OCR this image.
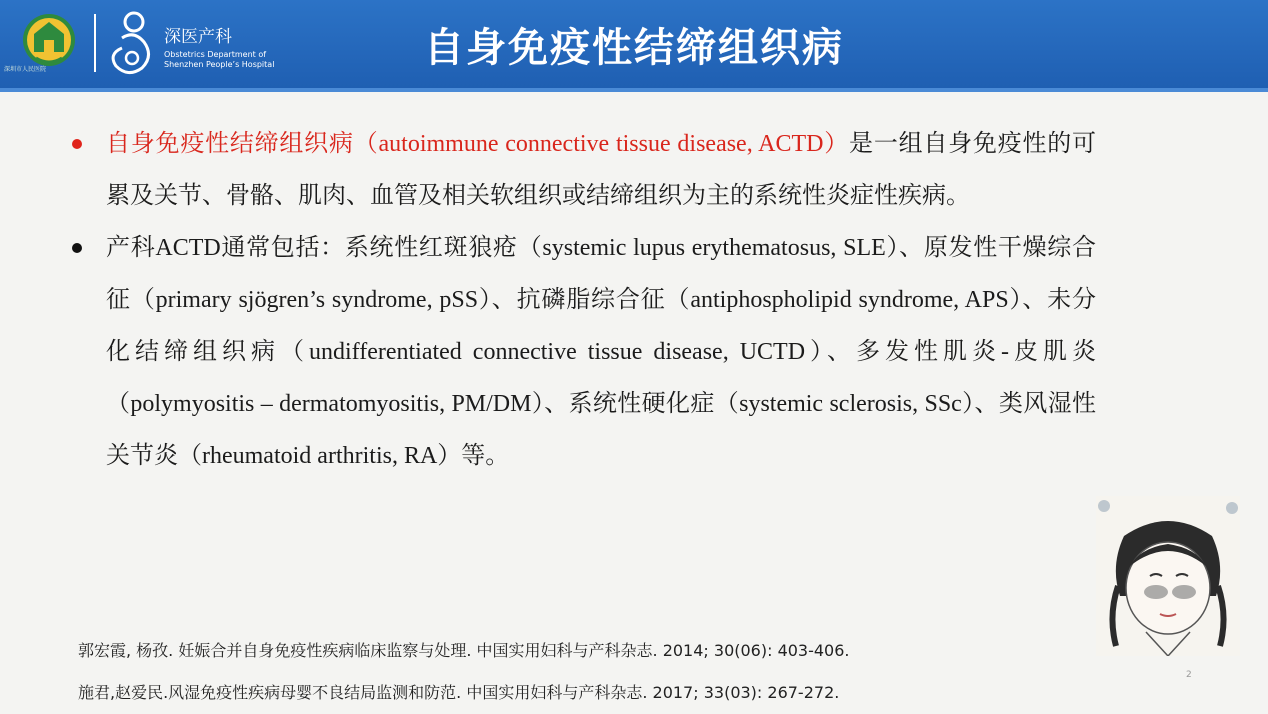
深圳市人民医院
深医产科
Obstetrics Department of
Shenzhen People’s Hospital	自身免疫性结缔组织病
自身免疫性结缔组织病（autoimmune connective tissue disease, ACTD）是一组自身免疫性的可累及关节、骨骼、肌肉、血管及相关软组织或结缔组织为主的系统性炎症性疾病。
产科ACTD通常包括：系统性红斑狼疮（systemic lupus erythematosus, SLE）、原发性干燥综合征（primary sjögren’s syndrome, pSS）、抗磷脂综合征（antiphospholipid syndrome, APS）、未分化结缔组织病（undifferentiated connective tissue disease, UCTD）、多发性肌炎-皮肌炎（polymyositis – dermatomyositis, PM/DM）、系统性硬化症（systemic sclerosis, SSc）、类风湿性关节炎（rheumatoid arthritis, RA）等。
郭宏霞, 杨孜. 妊娠合并自身免疫性疾病临床监察与处理. 中国实用妇科与产科杂志. 2014; 30(06): 403-406.
施君,赵爱民.风湿免疫性疾病母婴不良结局监测和防范. 中国实用妇科与产科杂志. 2017; 33(03): 267-272.
2
